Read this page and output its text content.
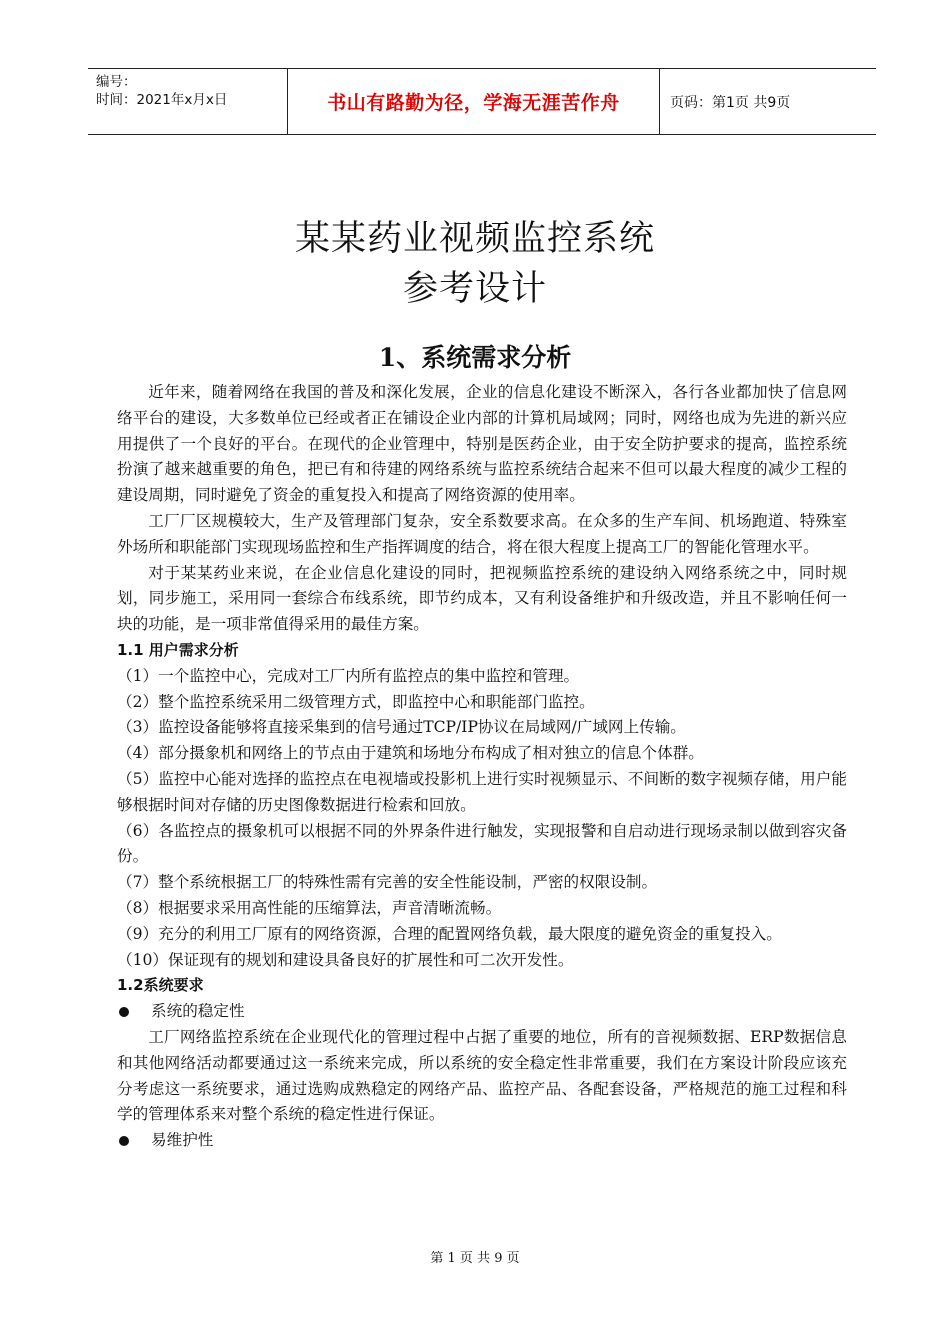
编号：
时间：2021年x月x日	书山有路勤为径，学海无涯苦作舟	页码：第1页 共9页
某某药业视频监控系统
参考设计
1、系统需求分析

近年来，随着网络在我国的普及和深化发展，企业的信息化建设不断深入，各行各业都加快了信息网络平台的建设，大多数单位已经或者正在铺设企业内部的计算机局域网；同时，网络也成为先进的新兴应用提供了一个良好的平台。在现代的企业管理中，特别是医药企业，由于安全防护要求的提高，监控系统扮演了越来越重要的角色，把已有和待建的网络系统与监控系统结合起来不但可以最大程度的减少工程的建设周期，同时避免了资金的重复投入和提高了网络资源的使用率。

工厂厂区规模较大，生产及管理部门复杂，安全系数要求高。在众多的生产车间、机场跑道、特殊室外场所和职能部门实现现场监控和生产指挥调度的结合，将在很大程度上提高工厂的智能化管理水平。

对于某某药业来说，在企业信息化建设的同时，把视频监控系统的建设纳入网络系统之中，同时规划，同步施工，采用同一套综合布线系统，即节约成本，又有利设备维护和升级改造，并且不影响任何一块的功能，是一项非常值得采用的最佳方案。

1.1 用户需求分析

（1）一个监控中心，完成对工厂内所有监控点的集中监控和管理。

（2）整个监控系统采用二级管理方式，即监控中心和职能部门监控。

（3）监控设备能够将直接采集到的信号通过TCP/IP协议在局域网/广域网上传输。

（4）部分摄象机和网络上的节点由于建筑和场地分布构成了相对独立的信息个体群。

（5）监控中心能对选择的监控点在电视墙或投影机上进行实时视频显示、不间断的数字视频存储，用户能够根据时间对存储的历史图像数据进行检索和回放。

（6）各监控点的摄象机可以根据不同的外界条件进行触发，实现报警和自启动进行现场录制以做到容灾备份。

（7）整个系统根据工厂的特殊性需有完善的安全性能设制，严密的权限设制。

（8）根据要求采用高性能的压缩算法，声音清晰流畅。

（9）充分的利用工厂原有的网络资源，合理的配置网络负载，最大限度的避免资金的重复投入。

（10）保证现有的规划和建设具备良好的扩展性和可二次开发性。

1.2系统要求

系统的稳定性

工厂网络监控系统在企业现代化的管理过程中占据了重要的地位，所有的音视频数据、ERP数据信息和其他网络活动都要通过这一系统来完成，所以系统的安全稳定性非常重要，我们在方案设计阶段应该充分考虑这一系统要求，通过选购成熟稳定的网络产品、监控产品、各配套设备，严格规范的施工过程和科学的管理体系来对整个系统的稳定性进行保证。

易维护性

第 1 页 共 9 页
